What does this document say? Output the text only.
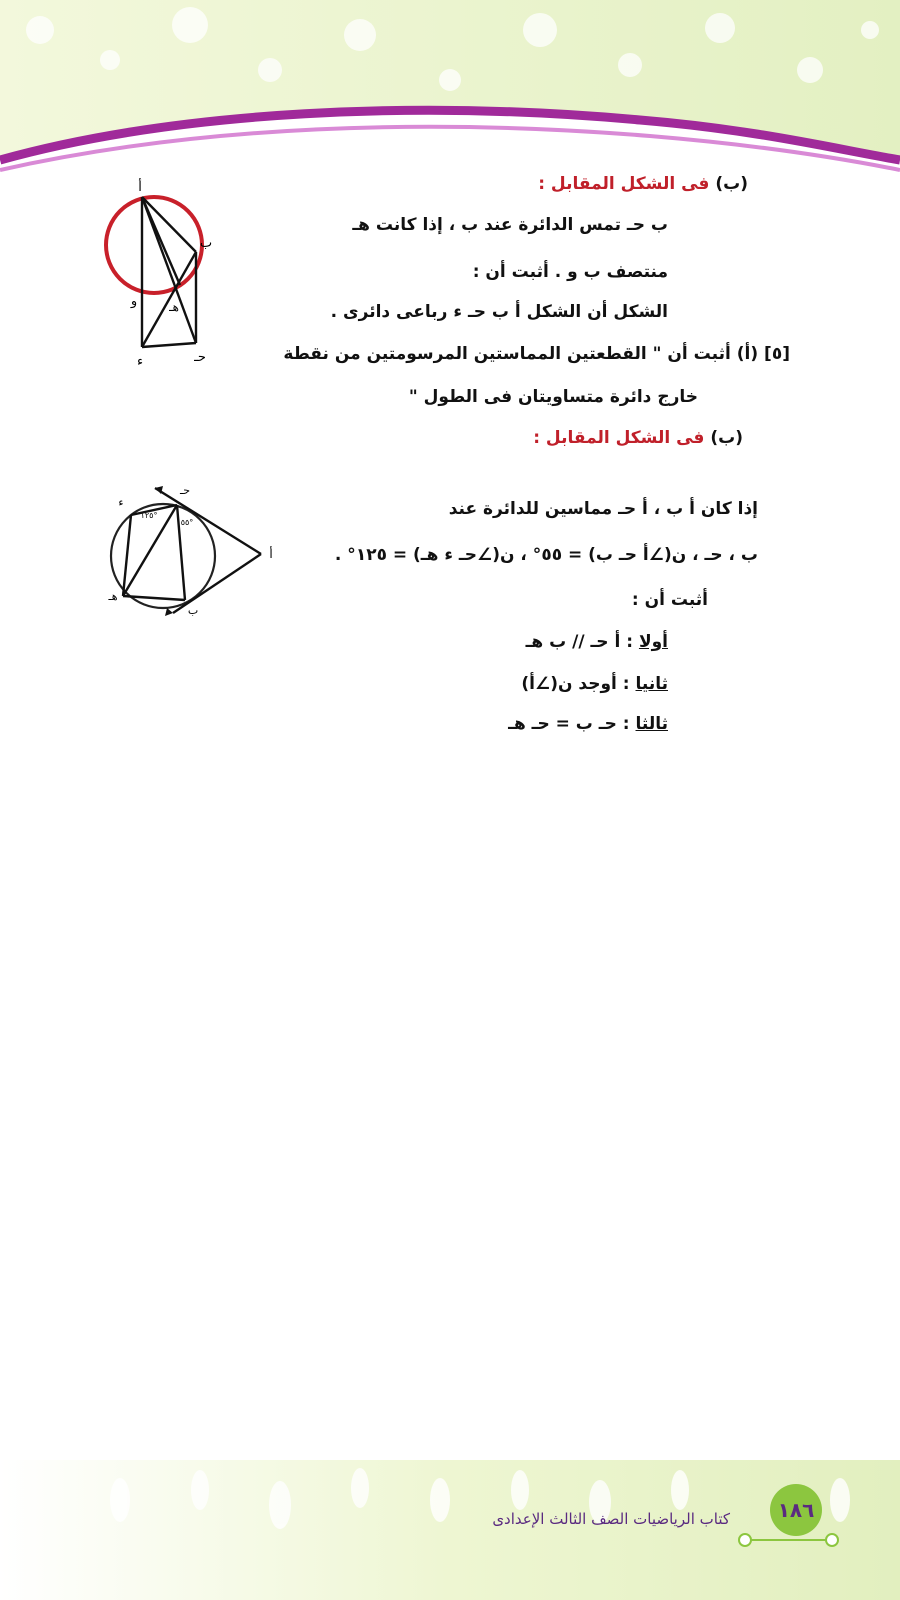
(ب) فى الشكل المقابل :
ب حـ تمس الدائرة عند ب ، إذا كانت هـ
منتصف ب و . أثبت أن :
الشكل أن الشكل أ ب حـ ء رباعى دائرى .
أ
ب
و	هـ
ء	حـ	[٥] (أ) أثبت أن " القطعتين المماستين المرسومتين من نقطة
خارج دائرة متساويتان فى الطول "
(ب) فى الشكل المقابل :
إذا كان أ ب ، أ حـ مماسين للدائرة عند
ب ، حـ ، ن(∠أ حـ ب) = ٥٥° ، ن(∠حـ ء هـ) = ١٢٥° .
أثبت أن :
أولا : أ حـ // ب هـ
ثانيا : أوجد ن(∠أ)
ثالثا : حـ ب = حـ هـ
ء
حـ
أ
هـ
ب
١٢٥°
٥٥°
١٨٦
كتاب الرياضيات الصف الثالث الإعدادى
